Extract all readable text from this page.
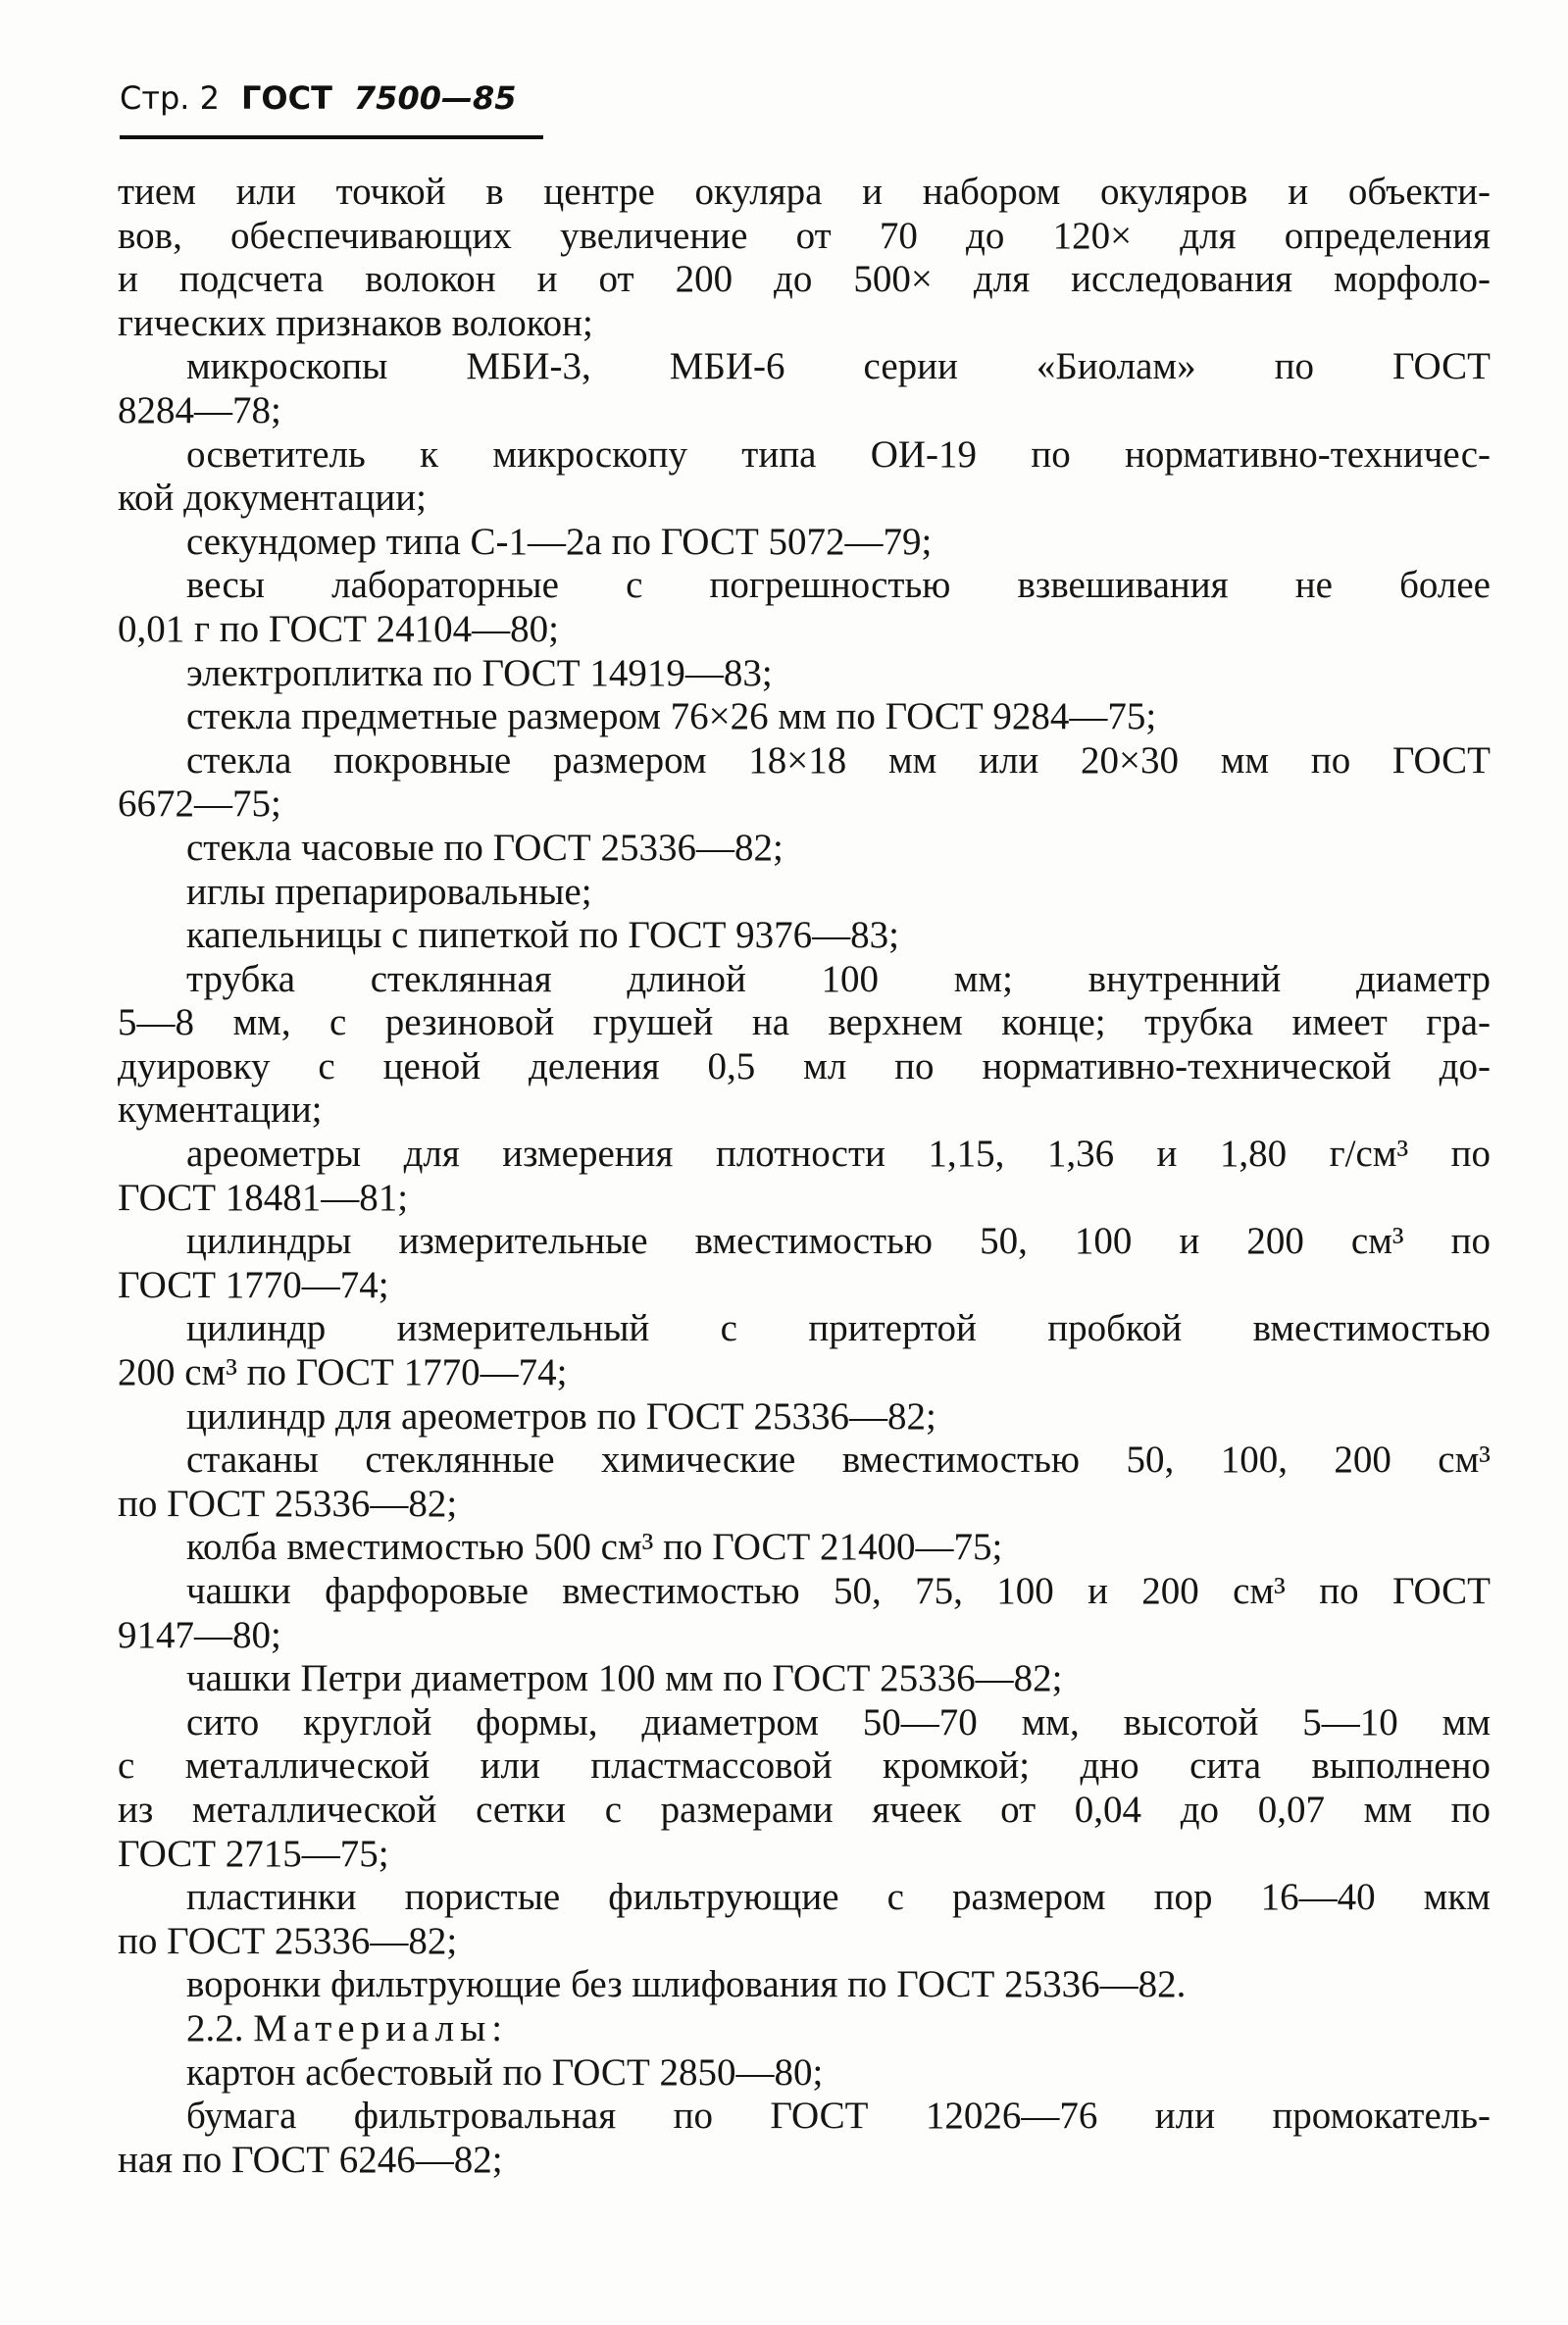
Стр. 2 ГОСТ 7500—85
тием или точкой в центре окуляра и набором окуляров и объекти-
вов, обеспечивающих увеличение от 70 до 120× для определения
и подсчета волокон и от 200 до 500× для исследования морфоло-
гических признаков волокон;
микроскопы МБИ-3, МБИ-6 серии «Биолам» по ГОСТ
8284—78;
осветитель к микроскопу типа ОИ-19 по нормативно-техничес-
кой документации;
секундомер типа С-1—2а по ГОСТ 5072—79;
весы лабораторные с погрешностью взвешивания не более
0,01 г по ГОСТ 24104—80;
электроплитка по ГОСТ 14919—83;
стекла предметные размером 76×26 мм по ГОСТ 9284—75;
стекла покровные размером 18×18 мм или 20×30 мм по ГОСТ
6672—75;
стекла часовые по ГОСТ 25336—82;
иглы препарировальные;
капельницы с пипеткой по ГОСТ 9376—83;
трубка стеклянная длиной 100 мм; внутренний диаметр
5—8 мм, с резиновой грушей на верхнем конце; трубка имеет гра-
дуировку с ценой деления 0,5 мл по нормативно-технической до-
кументации;
ареометры для измерения плотности 1,15, 1,36 и 1,80 г/см³ по
ГОСТ 18481—81;
цилиндры измерительные вместимостью 50, 100 и 200 см³ по
ГОСТ 1770—74;
цилиндр измерительный с притертой пробкой вместимостью
200 см³ по ГОСТ 1770—74;
цилиндр для ареометров по ГОСТ 25336—82;
стаканы стеклянные химические вместимостью 50, 100, 200 см³
по ГОСТ 25336—82;
колба вместимостью 500 см³ по ГОСТ 21400—75;
чашки фарфоровые вместимостью 50, 75, 100 и 200 см³ по ГОСТ
9147—80;
чашки Петри диаметром 100 мм по ГОСТ 25336—82;
сито круглой формы, диаметром 50—70 мм, высотой 5—10 мм
с металлической или пластмассовой кромкой; дно сита выполнено
из металлической сетки с размерами ячеек от 0,04 до 0,07 мм по
ГОСТ 2715—75;
пластинки пористые фильтрующие с размером пор 16—40 мкм
по ГОСТ 25336—82;
воронки фильтрующие без шлифования по ГОСТ 25336—82.
2.2. Материалы:
картон асбестовый по ГОСТ 2850—80;
бумага фильтровальная по ГОСТ 12026—76 или промокатель-
ная по ГОСТ 6246—82;
